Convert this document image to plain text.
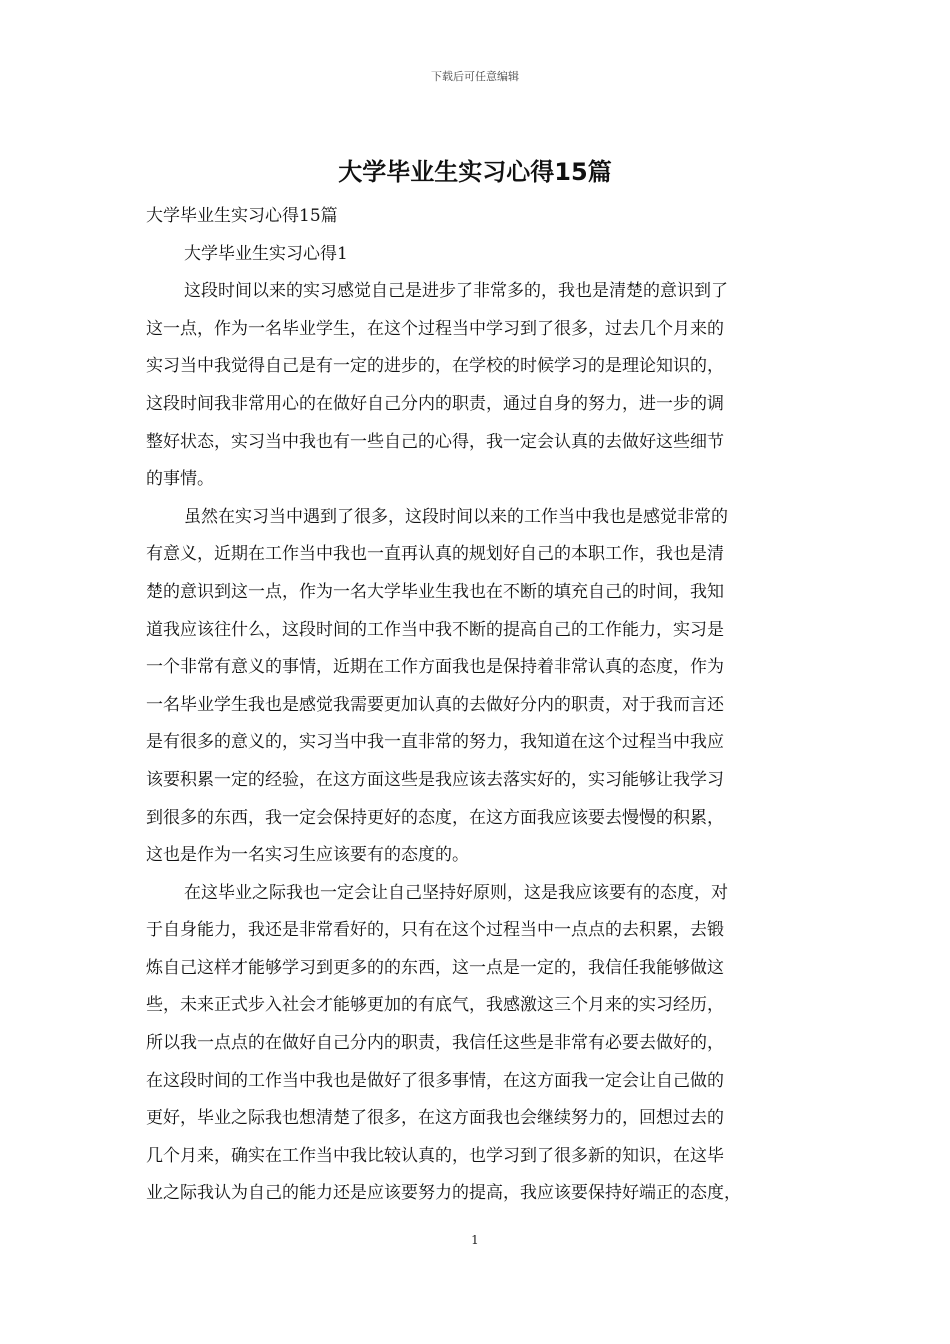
下载后可任意编辑
大学毕业生实习心得15篇
大学毕业生实习心得15篇
大学毕业生实习心得1
这段时间以来的实习感觉自己是进步了非常多的，我也是清楚的意识到了
这一点，作为一名毕业学生，在这个过程当中学习到了很多，过去几个月来的
实习当中我觉得自己是有一定的进步的，在学校的时候学习的是理论知识的，
这段时间我非常用心的在做好自己分内的职责，通过自身的努力，进一步的调
整好状态，实习当中我也有一些自己的心得，我一定会认真的去做好这些细节
的事情。
虽然在实习当中遇到了很多，这段时间以来的工作当中我也是感觉非常的
有意义，近期在工作当中我也一直再认真的规划好自己的本职工作，我也是清
楚的意识到这一点，作为一名大学毕业生我也在不断的填充自己的时间，我知
道我应该往什么，这段时间的工作当中我不断的提高自己的工作能力，实习是
一个非常有意义的事情，近期在工作方面我也是保持着非常认真的态度，作为
一名毕业学生我也是感觉我需要更加认真的去做好分内的职责，对于我而言还
是有很多的意义的，实习当中我一直非常的努力，我知道在这个过程当中我应
该要积累一定的经验，在这方面这些是我应该去落实好的，实习能够让我学习
到很多的东西，我一定会保持更好的态度，在这方面我应该要去慢慢的积累，
这也是作为一名实习生应该要有的态度的。
在这毕业之际我也一定会让自己坚持好原则，这是我应该要有的态度，对
于自身能力，我还是非常看好的，只有在这个过程当中一点点的去积累，去锻
炼自己这样才能够学习到更多的的东西，这一点是一定的，我信任我能够做这
些，未来正式步入社会才能够更加的有底气，我感激这三个月来的实习经历，
所以我一点点的在做好自己分内的职责，我信任这些是非常有必要去做好的，
在这段时间的工作当中我也是做好了很多事情，在这方面我一定会让自己做的
更好，毕业之际我也想清楚了很多，在这方面我也会继续努力的，回想过去的
几个月来，确实在工作当中我比较认真的，也学习到了很多新的知识，在这毕
业之际我认为自己的能力还是应该要努力的提高，我应该要保持好端正的态度，
1
